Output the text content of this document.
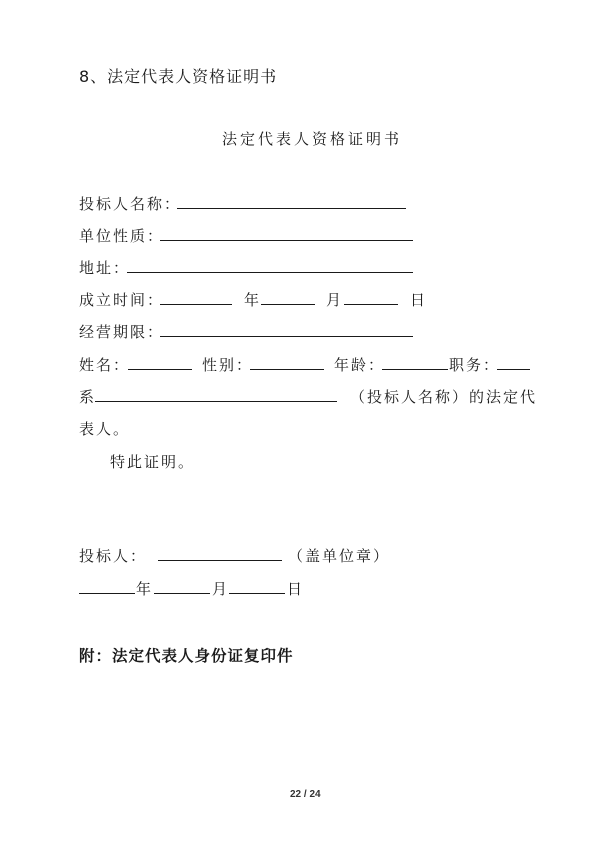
8、法定代表人资格证明书
法定代表人资格证明书
投标人名称：
单位性质：
地址：
成立时间：	年	月	日
经营期限：
姓名：	性别：	年龄：	职务：
系	（投标人名称）的法定代
表人。
特此证明。
投标人：	（盖单位章）
年	月	日
附：法定代表人身份证复印件
22 / 24
